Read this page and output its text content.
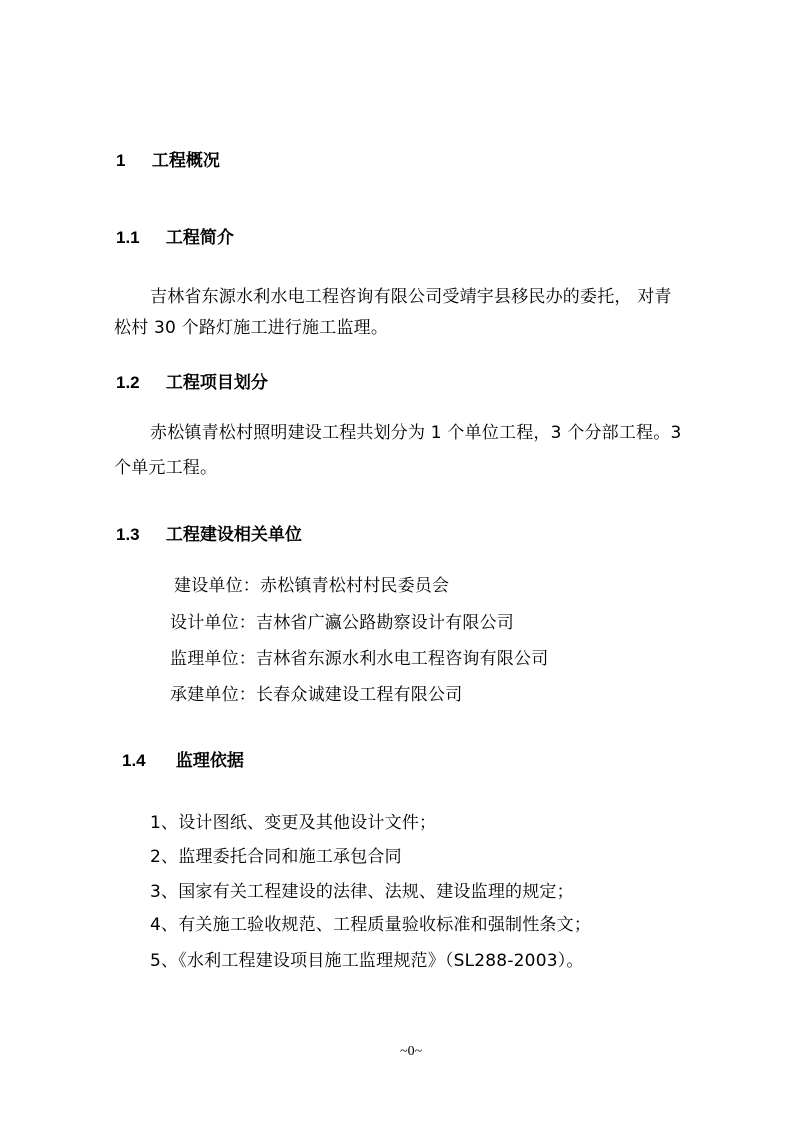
1 工程概况
1.1 工程简介
吉林省东源水利水电工程咨询有限公司受靖宇县移民办的委托， 对青
松村 30 个路灯施工进行施工监理。
1.2 工程项目划分
赤松镇青松村照明建设工程共划分为 1 个单位工程，3 个分部工程。3
个单元工程。
1.3 工程建设相关单位
建设单位：赤松镇青松村村民委员会
设计单位：吉林省广瀛公路勘察设计有限公司
监理单位：吉林省东源水利水电工程咨询有限公司
承建单位：长春众诚建设工程有限公司
1.4 监理依据
1、设计图纸、变更及其他设计文件；
2、监理委托合同和施工承包合同
3、国家有关工程建设的法律、法规、建设监理的规定；
4、有关施工验收规范、工程质量验收标准和强制性条文；
5、《水利工程建设项目施工监理规范》（SL288-2003）。
~0~
